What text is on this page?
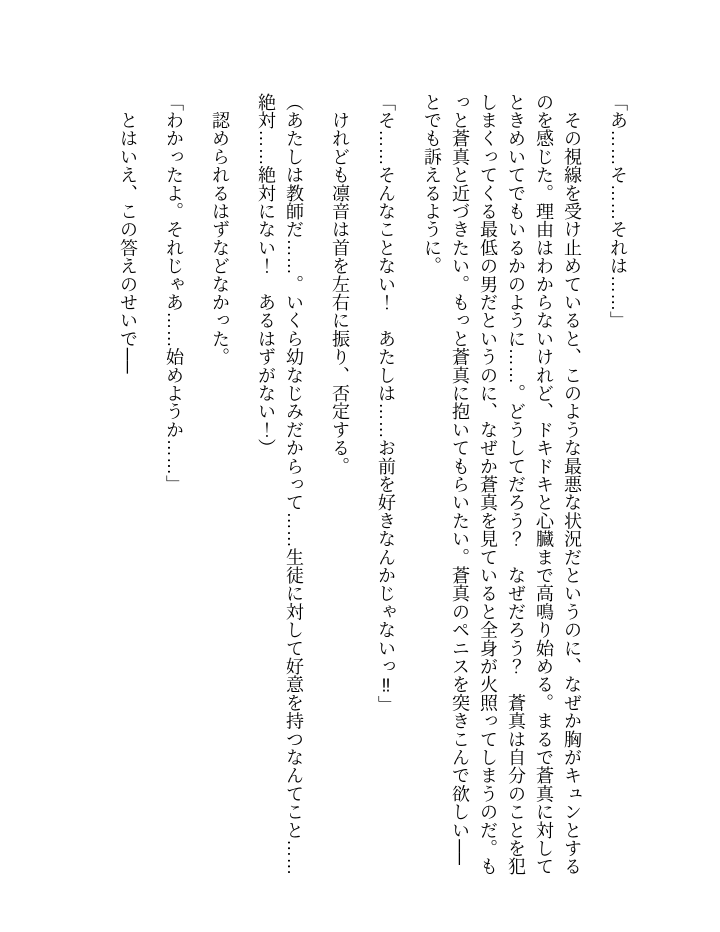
「あ……そ……それは……」

　その視線を受け止めていると、このような最悪な状況だというのに、なぜか胸がキュンとするのを感じた。理由はわからないけれど、ドキドキと心臓まで高鳴り始める。まるで蒼真に対してときめいてでもいるかのように……。どうしてだろう？　なぜだろう？　蒼真は自分のことを犯しまくってくる最低の男だというのに、なぜか蒼真を見ていると全身が火照ってしまうのだ。もっと蒼真と近づきたい。もっと蒼真に抱いてもらいたい。蒼真のペニスを突きこんで欲しい──とでも訴えるように。

「そ……そんなことない！　あたしは……お前を好きなんかじゃないっ‼」

　けれども凛音は首を左右に振り、否定する。

（あたしは教師だ……。いくら幼なじみだからって……生徒に対して好意を持つなんてこと……絶対……絶対にない！　あるはずがない！）

　認められるはずなどなかった。

「わかったよ。それじゃあ……始めようか……」

　とはいえ、この答えのせいで──
